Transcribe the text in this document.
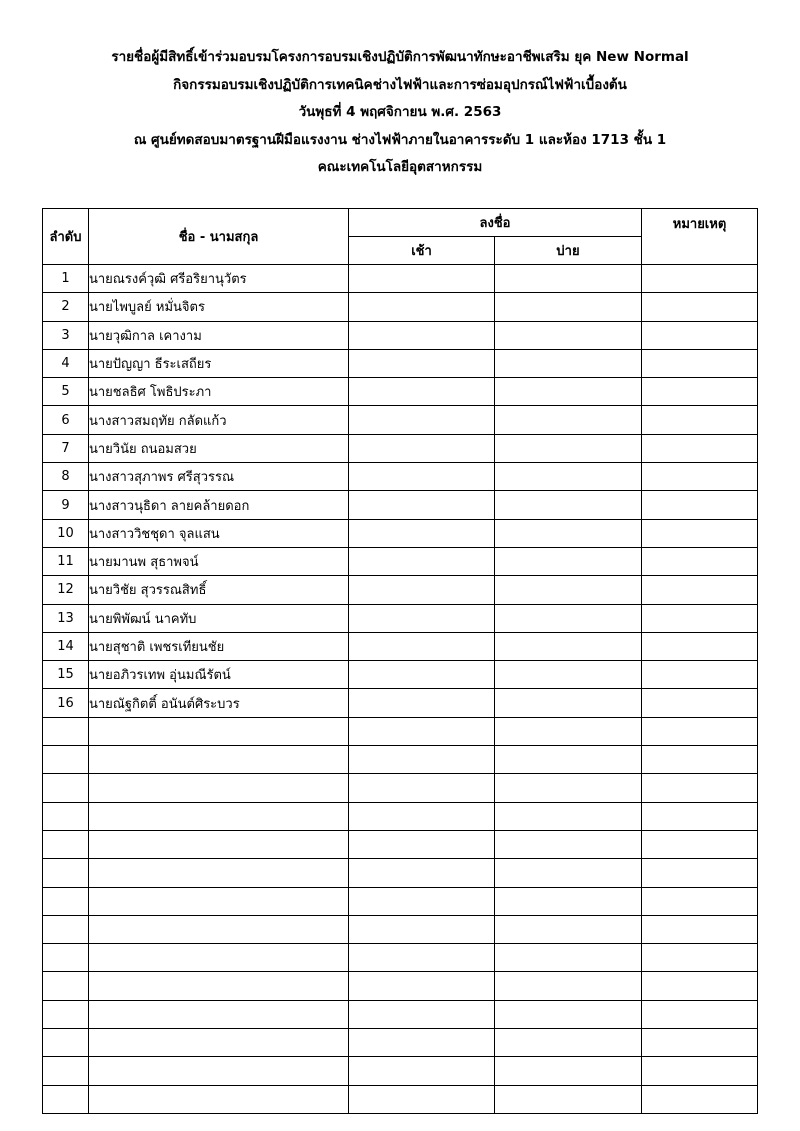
รายชื่อผู้มีสิทธิ์เข้าร่วมอบรมโครงการอบรมเชิงปฏิบัติการพัฒนาทักษะอาชีพเสริม ยุค New Normal
กิจกรรมอบรมเชิงปฏิบัติการเทคนิคช่างไฟฟ้าและการซ่อมอุปกรณ์ไฟฟ้าเบื้องต้น
วันพุธที่ 4 พฤศจิกายน พ.ศ. 2563
ณ ศูนย์ทดสอบมาตรฐานฝีมือแรงงาน ช่างไฟฟ้าภายในอาคารระดับ 1 และห้อง 1713 ชั้น 1
คณะเทคโนโลยีอุตสาหกรรม
ลำดับ	ชื่อ - นามสกุล	ลงชื่อ		หมายเหตุ
		เช้า	บ่าย	
1	นายณรงค์วุฒิ ศรีอริยานุวัตร			
2	นายไพบูลย์ หมั่นจิตร			
3	นายวุฒิกาล เคางาม			
4	นายปัญญา ธีระเสถียร			
5	นายชลธิศ โพธิประภา			
6	นางสาวสมฤทัย กลัดแก้ว			
7	นายวินัย ถนอมสวย			
8	นางสาวสุภาพร ศรีสุวรรณ			
9	นางสาวนุธิดา ลายคล้ายดอก			
10	นางสาววิชชุดา จุลแสน			
11	นายมานพ สุธาพจน์			
12	นายวิชัย สุวรรณสิทธิ์			
13	นายพิพัฒน์ นาคทับ			
14	นายสุชาติ เพชรเทียนชัย			
15	นายอภิวรเทพ อุ่นมณีรัตน์			
16	นายณัฐกิตติ์ อนันต์ศิระบวร			
